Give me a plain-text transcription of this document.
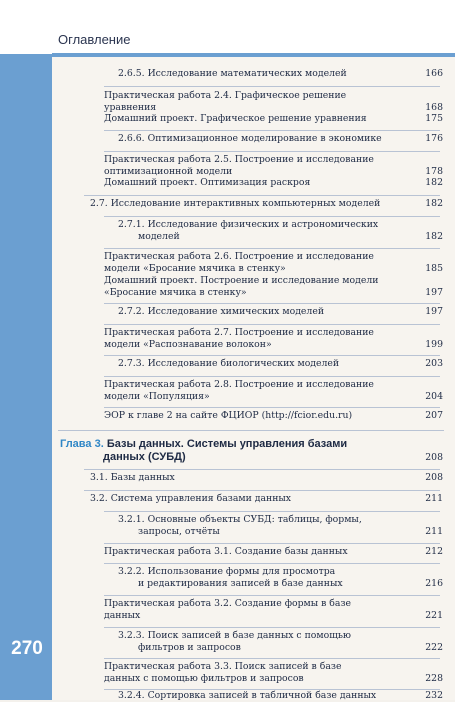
Оглавление
270
2.6.5. Исследование математических моделей	166
Практическая работа 2.4. Графическое решение
уравнения	168
Домашний проект. Графическое решение уравнения	175
2.6.6. Оптимизационное моделирование в экономике	176
Практическая работа 2.5. Построение и исследование
оптимизационной модели	178
Домашний проект. Оптимизация раскроя	182
2.7. Исследование интерактивных компьютерных моделей	182
2.7.1. Исследование физических и астрономических
моделей	182
Практическая работа 2.6. Построение и исследование
модели «Бросание мячика в стенку»	185
Домашний проект. Построение и исследование модели
«Бросание мячика в стенку»	197
2.7.2. Исследование химических моделей	197
Практическая работа 2.7. Построение и исследование
модели «Распознавание волокон»	199
2.7.3. Исследование биологических моделей	203
Практическая работа 2.8. Построение и исследование
модели «Популяция»	204
ЭОР к главе 2 на сайте ФЦИОР (http://fcior.edu.ru)	207
Глава 3. Базы данных. Системы управления базами
данных (СУБД)	208
3.1. Базы данных	208
3.2. Система управления базами данных	211
3.2.1. Основные объекты СУБД: таблицы, формы,
запросы, отчёты	211
Практическая работа 3.1. Создание базы данных	212
3.2.2. Использование формы для просмотра
и редактирования записей в базе данных	216
Практическая работа 3.2. Создание формы в базе
данных	221
3.2.3. Поиск записей в базе данных с помощью
фильтров и запросов	222
Практическая работа 3.3. Поиск записей в базе
данных с помощью фильтров и запросов	228
3.2.4. Сортировка записей в табличной базе данных	232
